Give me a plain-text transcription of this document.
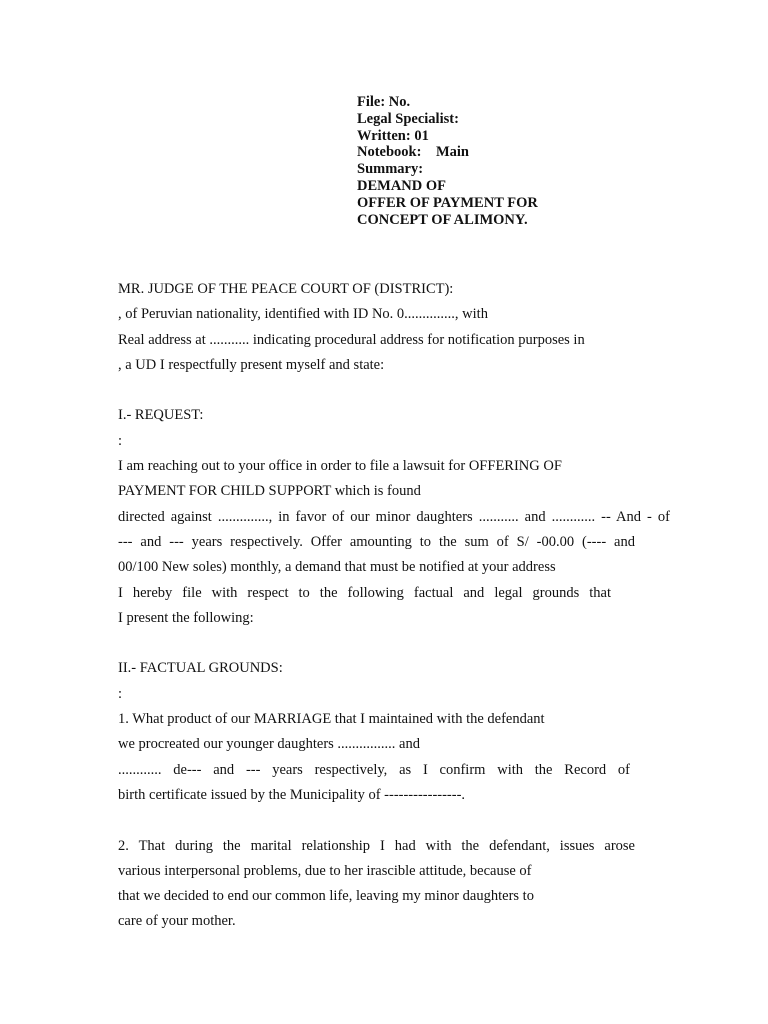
File: No.
Legal Specialist:
Written: 01
Notebook: Main
Summary:
DEMAND OF
OFFER OF PAYMENT FOR
CONCEPT OF ALIMONY.
MR. JUDGE OF THE PEACE COURT OF (DISTRICT):
, of Peruvian nationality, identified with ID No. 0.............., with
Real address at ........... indicating procedural address for notification purposes in
, a UD I respectfully present myself and state:
I.- REQUEST:
:
I am reaching out to your office in order to file a lawsuit for OFFERING OF
PAYMENT FOR CHILD SUPPORT which is found
directed against .............., in favor of our minor daughters ........... and ............ -- And - of
--- and --- years respectively. Offer amounting to the sum of S/ -00.00 (---- and
00/100 New soles) monthly, a demand that must be notified at your address
I hereby file with respect to the following factual and legal grounds that
I present the following:
II.- FACTUAL GROUNDS:
:
1. What product of our MARRIAGE that I maintained with the defendant
we procreated our younger daughters ................ and
............ de--- and --- years respectively, as I confirm with the Record of
birth certificate issued by the Municipality of ----------------.
2. That during the marital relationship I had with the defendant, issues arose
various interpersonal problems, due to her irascible attitude, because of
that we decided to end our common life, leaving my minor daughters to
care of your mother.
